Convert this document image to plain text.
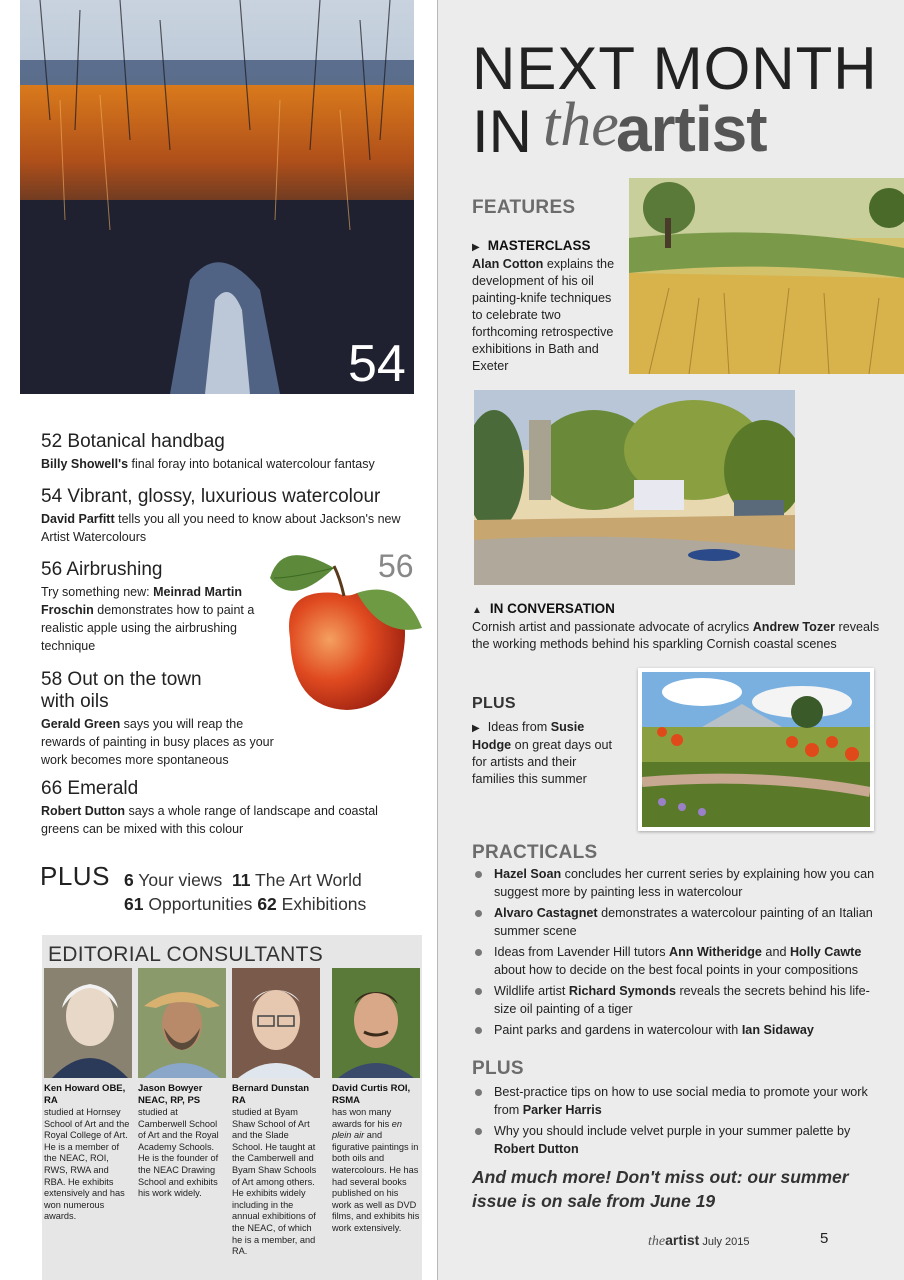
54
52 Botanical handbag
Billy Showell's final foray into botanical watercolour fantasy
54 Vibrant, glossy, luxurious watercolour
David Parfitt tells you all you need to know about Jackson's new Artist Watercolours
56
56 Airbrushing
Try something new: Meinrad Martin Froschin demonstrates how to paint a realistic apple using the airbrushing technique
58 Out on the town
with oils
Gerald Green says you will reap the rewards of painting in busy places as your work becomes more spontaneous
66 Emerald
Robert Dutton says a whole range of landscape and coastal greens can be mixed with this colour
PLUS 6 Your views 11 The Art World
61 Opportunities 62 Exhibitions
EDITORIAL CONSULTANTS
Ken Howard OBE, RA
studied at Hornsey School of Art and the Royal College of Art. He is a member of the NEAC, ROI, RWS, RWA and RBA. He exhibits extensively and has won numerous awards.
Jason Bowyer NEAC, RP, PS
studied at Camberwell School of Art and the Royal Academy Schools. He is the founder of the NEAC Drawing School and exhibits his work widely.
Bernard Dunstan RA
studied at Byam Shaw School of Art and the Slade School. He taught at the Camberwell and Byam Shaw Schools of Art among others. He exhibits widely including in the annual exhibitions of the NEAC, of which he is a member, and RA.
David Curtis ROI, RSMA
has won many awards for his en plein air and figurative paintings in both oils and watercolours. He has had several books published on his work as well as DVD films, and exhibits his work extensively.
NEXT MONTH
IN the
artist
FEATURES
▶ MASTERCLASS
Alan Cotton explains the development of his oil painting-knife techniques to celebrate two forthcoming retrospective exhibitions in Bath and Exeter
▲ IN CONVERSATION
Cornish artist and passionate advocate of acrylics Andrew Tozer reveals the working methods behind his sparkling Cornish coastal scenes
PLUS
▶ Ideas from Susie Hodge on great days out for artists and their families this summer
PRACTICALS
Hazel Soan concludes her current series by explaining how you can suggest more by painting less in watercolour
Alvaro Castagnet demonstrates a watercolour painting of an Italian summer scene
Ideas from Lavender Hill tutors Ann Witheridge and Holly Cawte about how to decide on the best focal points in your compositions
Wildlife artist Richard Symonds reveals the secrets behind his life-size oil painting of a tiger
Paint parks and gardens in watercolour with Ian Sidaway
PLUS
Best-practice tips on how to use social media to promote your work from Parker Harris
Why you should include velvet purple in your summer palette by Robert Dutton
And much more! Don't miss out: our summer issue is on sale from June 19
theartist July 2015	5
